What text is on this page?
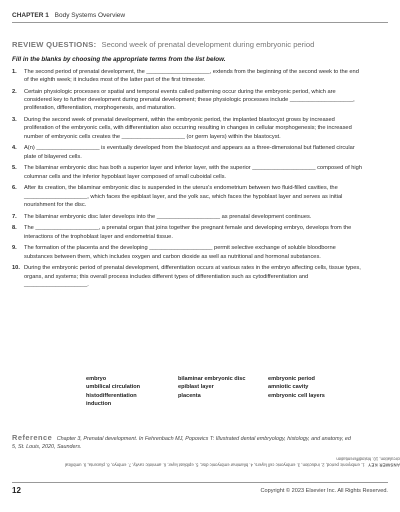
CHAPTER 1 Body Systems Overview
REVIEW QUESTIONS: Second week of prenatal development during embryonic period
Fill in the blanks by choosing the appropriate terms from the list below.
1. The second period of prenatal development, the ____________________, extends from the beginning of the second week to the end of the eighth week; it includes most of the latter part of the first trimester.
2. Certain physiologic processes or spatial and temporal events called patterning occur during the embryonic period, which are considered key to further development during prenatal development; these physiologic processes include ____________________, proliferation, differentiation, morphogenesis, and maturation.
3. During the second week of prenatal development, within the embryonic period, the implanted blastocyst grows by increased proliferation of the embryonic cells, with differentiation also occurring resulting in changes in cellular morphogenesis; the increased number of embryonic cells creates the ____________________ (or germ layers) within the blastocyst.
4. A(n) ____________________ is eventually developed from the blastocyst and appears as a three-dimensional but flattened circular plate of bilayered cells.
5. The bilaminar embryonic disc has both a superior layer and inferior layer, with the superior ____________________ composed of high columnar cells and the inferior hypoblast layer composed of small cuboidal cells.
6. After its creation, the bilaminar embryonic disc is suspended in the uterus's endometrium between two fluid-filled cavities, the ____________________, which faces the epiblast layer, and the yolk sac, which faces the hypoblast layer and serves as initial nourishment for the disc.
7. The bilaminar embryonic disc later develops into the ____________________ as prenatal development continues.
8. The ____________________, a prenatal organ that joins together the pregnant female and developing embryo, develops from the interactions of the trophoblast layer and endometrial tissue.
9. The formation of the placenta and the developing ____________________ permit selective exchange of soluble bloodborne substances between them, which includes oxygen and carbon dioxide as well as nutritional and hormonal substances.
10. During the embryonic period of prenatal development, differentiation occurs at various rates in the embryo affecting cells, tissue types, organs, and systems; this overall process includes different types of differentiation such as cytodifferentiation and ____________________.
embryo	bilaminar embryonic disc	embryonic period
umbilical circulation	epiblast layer	amniotic cavity
histodifferentiation	placenta	embryonic cell layers
induction
Reference Chapter 3, Prenatal development. In Fehrenbach MJ, Popowics T: Illustrated dental embryology, histology, and anatomy, ed 5, St. Louis, 2020, Saunders.
ANSWER KEY 1. embryonic period, 2. induction, 3. embryonic cell layers, 4. bilaminar embryonic disc, 5. epiblast layer, 6. amniotic cavity, 7. embryo, 8. placenta, 9. umbilical circulation, 10. histodifferentiation
12	Copyright © 2023 Elsevier Inc. All Rights Reserved.
